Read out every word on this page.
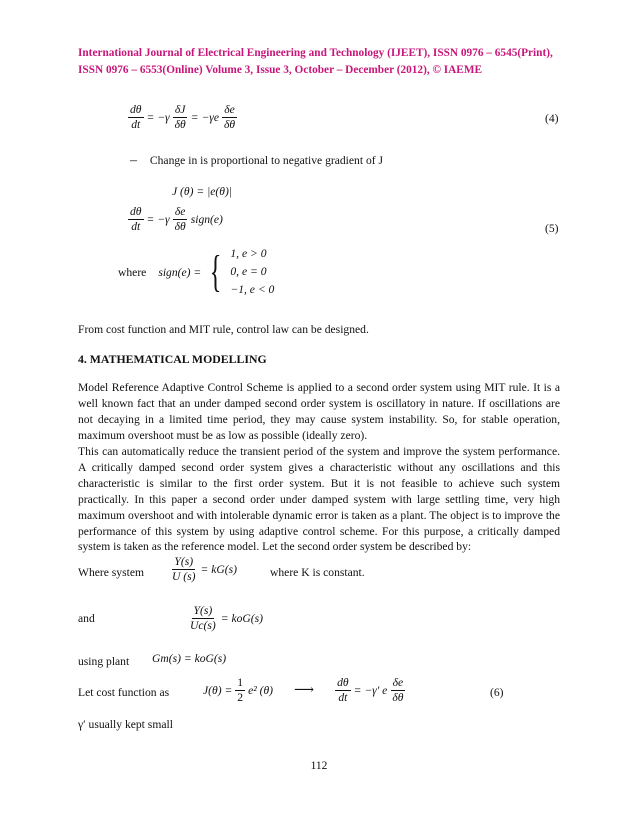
International Journal of Electrical Engineering and Technology (IJEET), ISSN 0976 – 6545(Print),
ISSN 0976 – 6553(Online) Volume 3, Issue 3, October – December (2012), © IAEME
$\frac{d\theta}{dt} = -\gamma \frac{\delta J}{\delta\theta} = -\gamma e \frac{\delta e}{\delta\theta}$	(4)
– Change in is proportional to negative gradient of J
J (θ) = |e(θ)|
$\frac{d\theta}{dt} = -\gamma \frac{\delta e}{\delta\theta}$ sign(e)
(5)
where sign(e) = { 1, e > 0
0, e = 0
−1, e < 0
From cost function and MIT rule, control law can be designed.
4. MATHEMATICAL MODELLING
Model Reference Adaptive Control Scheme is applied to a second order system using MIT rule. It is a well known fact that an under damped second order system is oscillatory in nature. If oscillations are not decaying in a limited time period, they may cause system instability. So, for stable operation, maximum overshoot must be as low as possible (ideally zero).
This can automatically reduce the transient period of the system and improve the system performance. A critically damped second order system gives a characteristic without any oscillations and this characteristic is similar to the first order system. But it is not feasible to achieve such system practically. In this paper a second order under damped system with large settling time, very high maximum overshoot and with intolerable dynamic error is taken as a plant. The object is to improve the performance of this system by using adaptive control scheme. For this purpose, a critically damped system is taken as the reference model. Let the second order system be described by:
Where system $\frac{Y(s)}{U (s)} = kG(s)$	where K is constant.
and	$\frac{Y(s)}{Uc(s)} = koG(s)$
using plant Gm(s) = koG(s)
Let cost function as	$J(\theta) = \frac{1}{2} e^2$ (θ) ⟶ $\frac{d\theta}{dt} = -\gamma'$ e $\frac{\delta e}{\delta\theta}$	(6)
γ′ usually kept small
112
